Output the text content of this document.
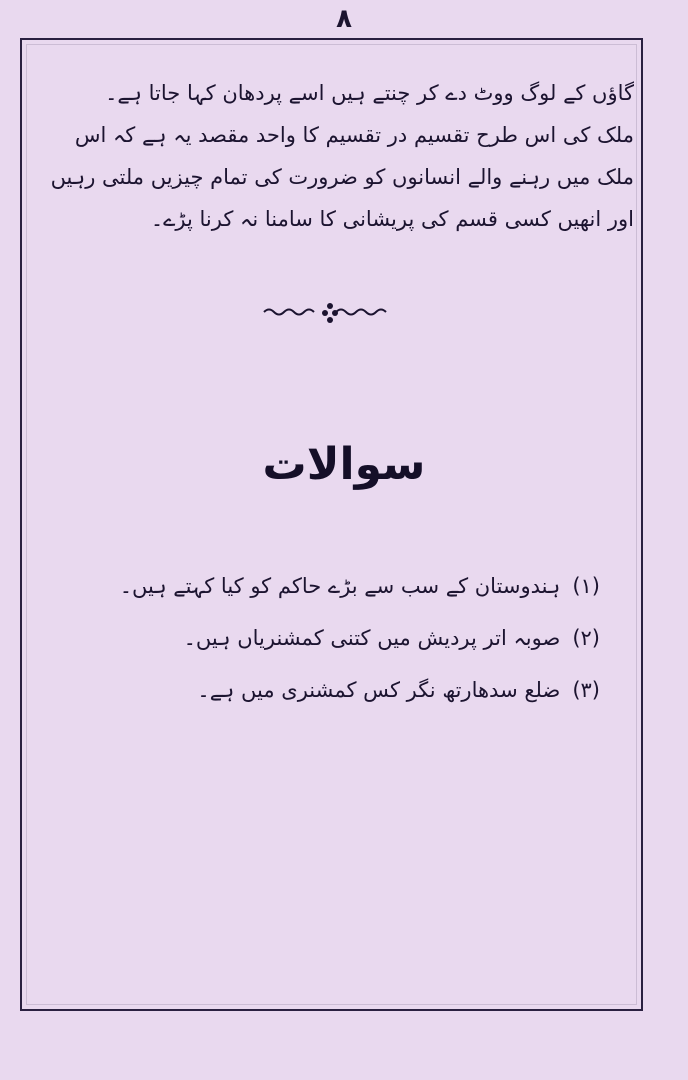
۸
گاؤں کے لوگ ووٹ دے کر چنتے ہیں اسے پردھان کہا جاتا ہے۔
ملک کی اس طرح تقسیم در تقسیم کا واحد مقصد یہ ہے کہ اس
ملک میں رہنے والے انسانوں کو ضرورت کی تمام چیزیں ملتی رہیں
اور انھیں کسی قسم کی پریشانی کا سامنا نہ کرنا پڑے۔
سوالات
(۱)ہندوستان کے سب سے بڑے حاکم کو کیا کہتے ہیں۔
(۲)صوبہ اتر پردیش میں کتنی کمشنریاں ہیں۔
(۳)ضلع سدھارتھ نگر کس کمشنری میں ہے۔
